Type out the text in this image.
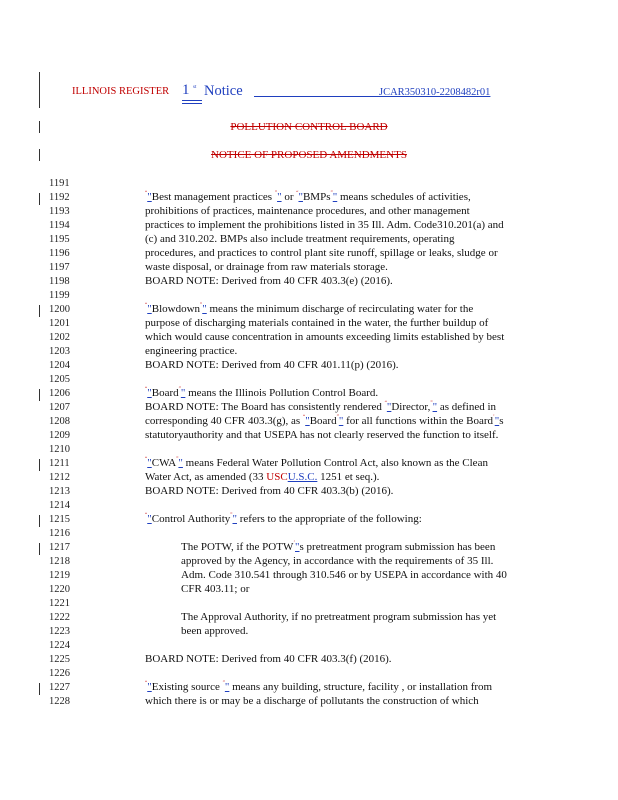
ILLINOIS REGISTER 1 st Notice	JCAR350310-2208482r01
POLLUTION CONTROL BOARD
NOTICE OF PROPOSED AMENDMENTS
1191
1192
1193
1194
1195
1196
1197
1198
1199
1200
1201
1202
1203
1204
1205
1206
1207
1208
1209
1210
1211
1212
1213
1214
1215
1216
1217
1218
1219
1220
1221
1222
1223
1224
1225
1226
1227
1228
“"Best management practices ”" or “"BMPs”" means schedules of activities,
prohibitions of practices, maintenance procedures, and other management
practices to implement the prohibitions listed in 35 Ill. Adm. Code310.201(a) and
(c) and 310.202. BMPs also include treatment requirements, operating
procedures, and practices to control plant site runoff, spillage or leaks, sludge or
waste disposal, or drainage from raw materials storage.
BOARD NOTE: Derived from 40 CFR 403.3(e) (2016).
“"Blowdown”" means the minimum discharge of recirculating water for the
purpose of discharging materials contained in the water, the further buildup of
which would cause concentration in amounts exceeding limits established by best
engineering practice.
BOARD NOTE: Derived from 40 CFR 401.11(p) (2016).
“"Board”" means the Illinois Pollution Control Board.
BOARD NOTE: The Board has consistently rendered “"Director,”" as defined in
corresponding 40 CFR 403.3(g), as “"Board”" for all functions within the Board’"s
statutoryauthority and that USEPA has not clearly reserved the function to itself.
“"CWA”" means Federal Water Pollution Control Act, also known as the Clean
Water Act, as amended (33 USCU.S.C. 1251 et seq.).
BOARD NOTE: Derived from 40 CFR 403.3(b) (2016).
“"Control Authority”" refers to the appropriate of the following:
The POTW, if the POTW’"s pretreatment program submission has been
approved by the Agency, in accordance with the requirements of 35 Ill.
Adm. Code 310.541 through 310.546 or by USEPA in accordance with 40
CFR 403.11; or
The Approval Authority, if no pretreatment program submission has yet
been approved.
BOARD NOTE: Derived from 40 CFR 403.3(f) (2016).
“"Existing source ”" means any building, structure, facility , or installation from
which there is or may be a discharge of pollutants the construction of which
